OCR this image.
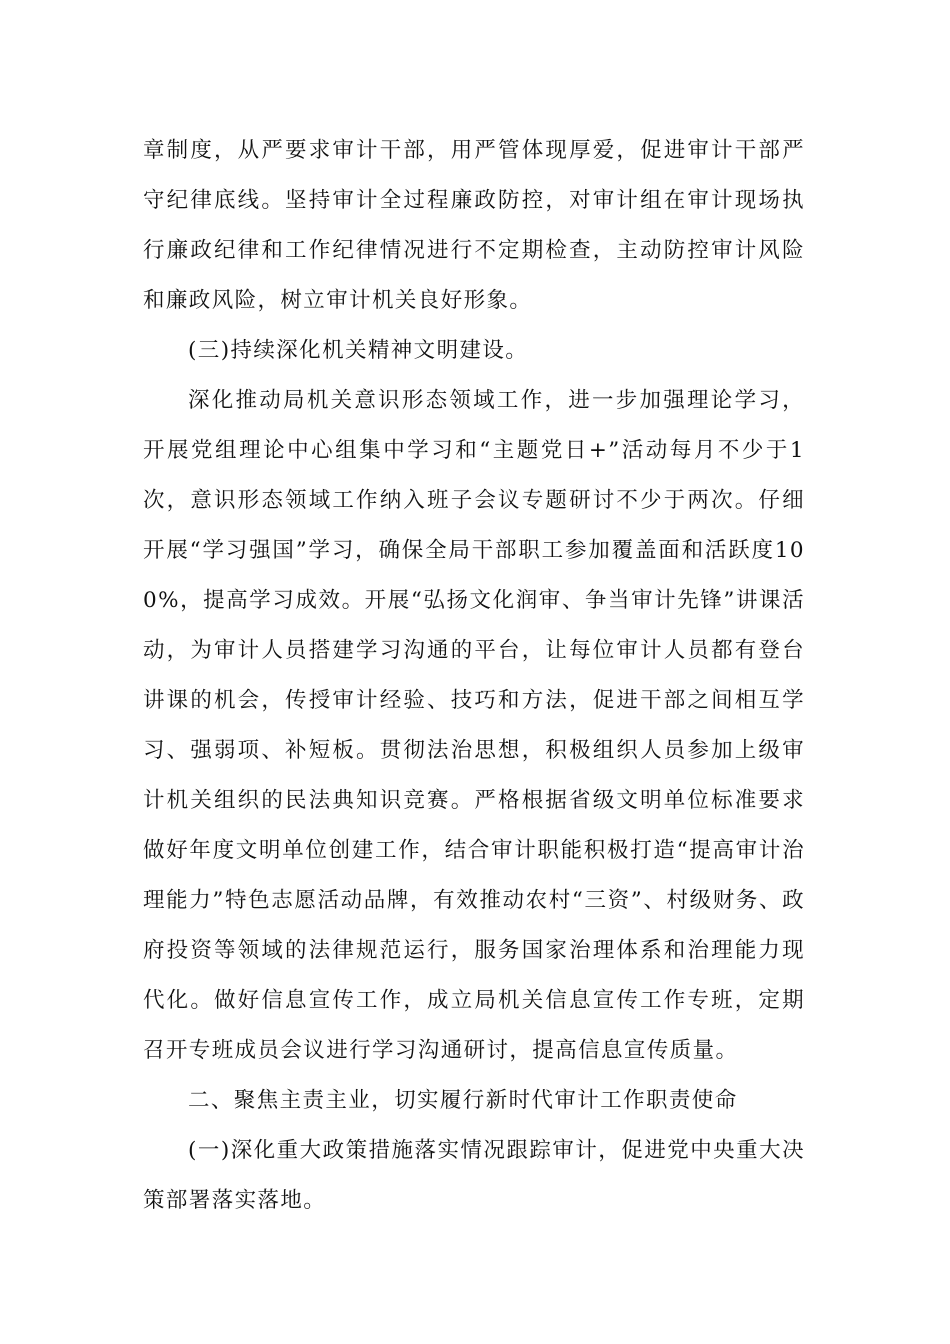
章制度，从严要求审计干部，用严管体现厚爱，促进审计干部严守纪律底线。坚持审计全过程廉政防控，对审计组在审计现场执行廉政纪律和工作纪律情况进行不定期检查，主动防控审计风险和廉政风险，树立审计机关良好形象。

(三)持续深化机关精神文明建设。

深化推动局机关意识形态领域工作，进一步加强理论学习，开展党组理论中心组集中学习和“主题党日+”活动每月不少于1次，意识形态领域工作纳入班子会议专题研讨不少于两次。仔细开展“学习强国”学习，确保全局干部职工参加覆盖面和活跃度100%，提高学习成效。开展“弘扬文化润审、争当审计先锋”讲课活动，为审计人员搭建学习沟通的平台，让每位审计人员都有登台讲课的机会，传授审计经验、技巧和方法，促进干部之间相互学习、强弱项、补短板。贯彻法治思想，积极组织人员参加上级审计机关组织的民法典知识竞赛。严格根据省级文明单位标准要求做好年度文明单位创建工作，结合审计职能积极打造“提高审计治理能力”特色志愿活动品牌，有效推动农村“三资”、村级财务、政府投资等领域的法律规范运行，服务国家治理体系和治理能力现代化。做好信息宣传工作，成立局机关信息宣传工作专班，定期召开专班成员会议进行学习沟通研讨，提高信息宣传质量。

二、聚焦主责主业，切实履行新时代审计工作职责使命

(一)深化重大政策措施落实情况跟踪审计，促进党中央重大决策部署落实落地。
